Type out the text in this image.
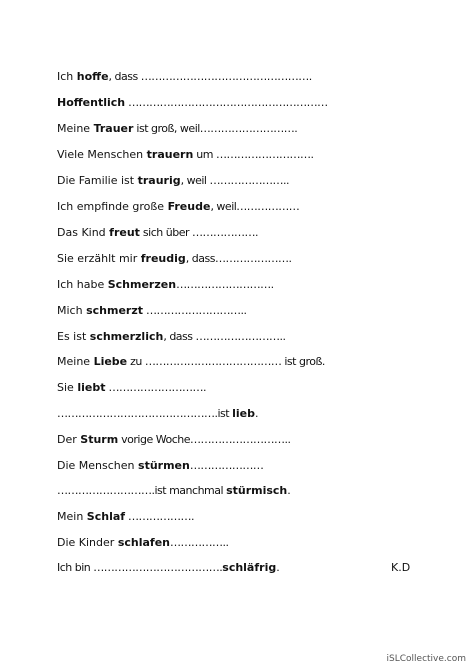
Ich hoffe, dass ………………………………………….
Hoffentlich …………………………………………………
Meine Trauer ist groß, weil……………………….
Viele Menschen trauern um ……………………….
Die Familie ist traurig, weil …………………..
Ich empfinde große Freude, weil………………
Das Kind freut sich über ……………….
Sie erzählt mir freudig, dass………………….
Ich habe Schmerzen……………………….
Mich schmerzt ………………………..
Es ist schmerzlich, dass ……………………..
Meine Liebe zu ………………………………… ist groß.
Sie liebt ……………………….
……………………………………….ist lieb.
Der Sturm vorige Woche………………………..
Die Menschen stürmen…………………
……………………….ist manchmal stürmisch.
Mein Schlaf ……………….
Die Kinder schlafen……………..
Ich bin ……………………………….schläfrig.	K.D
iSLCollective.com
